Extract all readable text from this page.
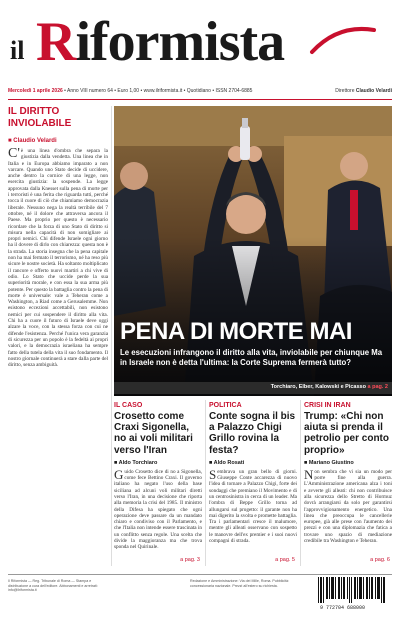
il Riformista
Mercoledì 1 aprile 2026 • Anno VIII numero 64 • Euro 1,00 • www.ilriformista.it • Quotidiano • ISSN 2704-6885	Direttore Claudio Velardi
IL DIRITTO INVIOLABILE
■ Claudio Velardi
C'è una linea d'ombra che separa la giustizia dalla vendetta. Una linea che in Italia e in Europa abbiamo imparato a non varcare. Quando uno Stato decide di uccidere, anche dentro la cornice di una legge, non esercita giustizia: la sospende. La legge approvata dalla Knesset sulla pena di morte per i terroristi è una ferita che riguarda tutti, perché tocca il cuore di ciò che chiamiamo democrazia liberale. Nessuno nega la realtà terribile del 7 ottobre, né il dolore che attraversa ancora il Paese. Ma proprio per questo è necessario ricordare che la forza di uno Stato di diritto si misura nella capacità di non somigliare ai propri nemici. Chi difende Israele ogni giorno ha il dovere di dirlo con chiarezza: questa non è la strada. La storia insegna che la pena capitale non ha mai fermato il terrorismo, né ha reso più sicure le nostre società. Ha soltanto moltiplicato il rancore e offerto nuovi martiri a chi vive di odio. Lo Stato che uccide perde la sua superiorità morale, e con essa la sua arma più potente. Per questo la battaglia contro la pena di morte è universale: vale a Teheran come a Washington, a Riad come a Gerusalemme. Non esistono eccezioni accettabili, non esistono nemici per cui sospendere il diritto alla vita. Chi ha a cuore il futuro di Israele deve oggi alzare la voce, con la stessa forza con cui ne difende l'esistenza. Perché l'unica vera garanzia di sicurezza per un popolo è la fedeltà ai propri valori, e la democrazia israeliana ha sempre fatto della tutela della vita il suo fondamento. Il nostro giornale continuerà a stare dalla parte del diritto, senza ambiguità.
PENA DI MORTE MAI
Le esecuzioni infrangono il diritto alla vita, inviolabile per chiunque Ma in Israele non è detta l'ultima: la Corte Suprema fermerà tutto?
Torchiaro, Elber, Kalowski e Picasso a pag. 2
IL CASO
Crosetto come Craxi Sigonella, no ai voli militari verso l'Iran
■ Aldo Torchiaro
Guido Crosetto dice di no a Sigonella, come fece Bettino Craxi. Il governo italiano ha negato l'uso della base siciliana ad alcuni voli militari diretti verso l'Iran, in una decisione che riporta alla memoria la crisi del 1985. Il ministro della Difesa ha spiegato che ogni operazione deve passare da un mandato chiaro e condiviso con il Parlamento, e che l'Italia non intende essere trascinata in un conflitto senza regole. Una scelta che divide la maggioranza ma che trova sponda nel Quirinale.
a pag. 3
POLITICA
Conte sogna il bis a Palazzo Chigi Grillo rovina la festa?
■ Aldo Rosati
Sembrava un gran bello di giorni. Giuseppe Conte accarezza di nuovo l'idea di tornare a Palazzo Chigi, forte dei sondaggi che premiano il Movimento e di un centrosinistra in cerca di un leader. Ma l'ombra di Beppe Grillo torna ad allungarsi sul progetto: il garante non ha mai digerito la svolta e promette battaglia. Tra i parlamentari cresce il malumore, mentre gli alleati osservano con sospetto le manovre dell'ex premier e i suoi nuovi compagni di strada.
a pag. 5
CRISI IN IRAN
Trump: «Chi non aiuta si prenda il petrolio per conto proprio»
■ Mariano Giustino
Non sembra che vi sia un modo per porre fine alla guerra. L'Amministrazione americana alza i toni e avverte gli alleati: chi non contribuisce alla sicurezza dello Stretto di Hormuz dovrà arrangiarsi da solo per garantirsi l'approvvigionamento energetico. Una linea che preoccupa le cancellerie europee, già alle prese con l'aumento dei prezzi e con una diplomazia che fatica a trovare uno spazio di mediazione credibile tra Washington e Teheran.
a pag. 6
Il Riformista — Reg. Tribunale di Roma — Stampa e distribuzione a cura dell'editore. Abbonamenti e arretrati: info@ilriformista.it
Redazione e Amministrazione: Via dei Mille, Roma. Pubblicità: concessionaria nazionale. Prezzi all'estero su richiesta.
9 772704 688000
